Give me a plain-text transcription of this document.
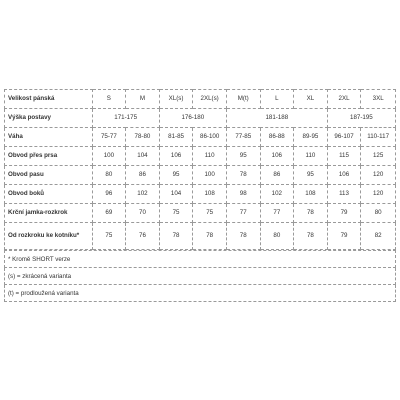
Velikost pánská	S	M	XL(s)	2XL(s)	M(t)	L	XL	2XL	3XL
Výška postavy	171-175		176-180		181-188			187-195	
Váha	75-77	78-80	81-85	86-100	77-85	86-88	89-95	96-107	110-117
Obvod přes prsa	100	104	106	110	95	106	110	115	125
Obvod pasu	80	86	95	100	78	86	95	106	120
Obvod boků	96	102	104	108	98	102	108	113	120
Krční jamka-rozkrok	69	70	75	75	77	77	78	79	80
Od rozkroku ke kotníku*	75	76	78	78	78	80	78	79	82
* Kromě SHORT verze
(s) = zkrácená varianta
(t) = prodloužená varianta
